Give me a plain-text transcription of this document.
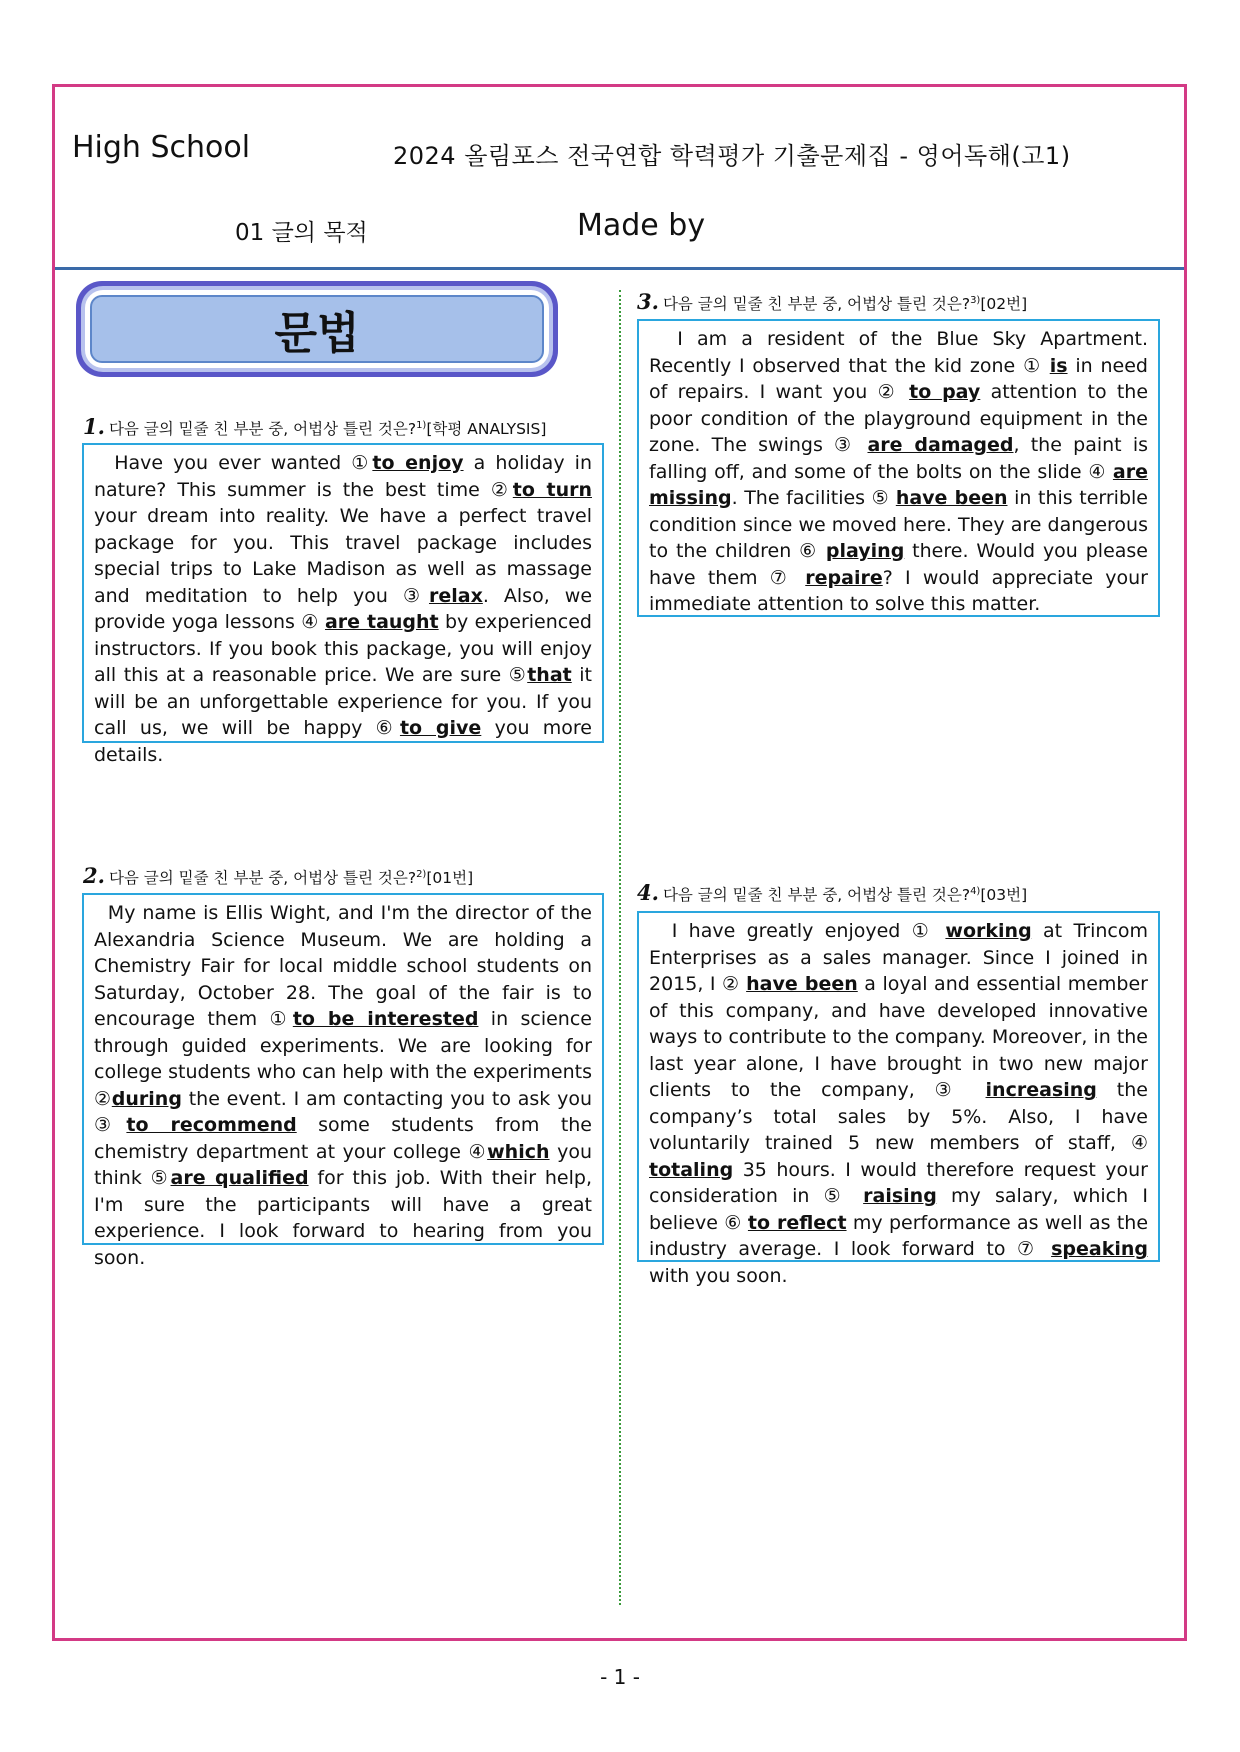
High School	2024 올림포스 전국연합 학력평가 기출문제집 - 영어독해(고1)
01 글의 목적	Made by
문법
1. 다음 글의 밑줄 친 부분 중, 어법상 틀린 것은?$^{1)}$[학평 ANALYSIS]

Have you ever wanted ①to enjoy a holiday in nature? This summer is the best time ②to turn your dream into reality. We have a perfect travel package for you. This travel package includes special trips to Lake Madison as well as massage and meditation to help you ③relax. Also, we provide yoga lessons ④ are taught by experienced instructors. If you book this package, you will enjoy all this at a reasonable price. We are sure ⑤that it will be an unforgettable experience for you. If you call us, we will be happy ⑥to give you more details.

2. 다음 글의 밑줄 친 부분 중, 어법상 틀린 것은?$^{2)}$[01번]

My name is Ellis Wight, and I'm the director of the Alexandria Science Museum. We are holding a Chemistry Fair for local middle school students on Saturday, October 28. The goal of the fair is to encourage them ①to be interested in science through guided experiments. We are looking for college students who can help with the experiments ②during the event. I am contacting you to ask you ③to recommend some students from the chemistry department at your college ④which you think ⑤are qualified for this job. With their help, I'm sure the participants will have a great experience. I look forward to hearing from you soon.

3. 다음 글의 밑줄 친 부분 중, 어법상 틀린 것은?$^{3)}$[02번]

I am a resident of the Blue Sky Apartment. Recently I observed that the kid zone ① is in need of repairs. I want you ② to pay attention to the poor condition of the playground equipment in the zone. The swings ③ are damaged, the paint is falling off, and some of the bolts on the slide ④ are missing. The facilities ⑤ have been in this terrible condition since we moved here. They are dangerous to the children ⑥ playing there. Would you please have them ⑦ repaire? I would appreciate your immediate attention to solve this matter.

4. 다음 글의 밑줄 친 부분 중, 어법상 틀린 것은?$^{4)}$[03번]

I have greatly enjoyed ① working at Trincom Enterprises as a sales manager. Since I joined in 2015, I ② have been a loyal and essential member of this company, and have developed innovative ways to contribute to the company. Moreover, in the last year alone, I have brought in two new major clients to the company, ③ increasing the company’s total sales by 5%. Also, I have voluntarily trained 5 new members of staff, ④ totaling 35 hours. I would therefore request your consideration in ⑤ raising my salary, which I believe ⑥ to reflect my performance as well as the industry average. I look forward to ⑦ speaking with you soon.

- 1 -
